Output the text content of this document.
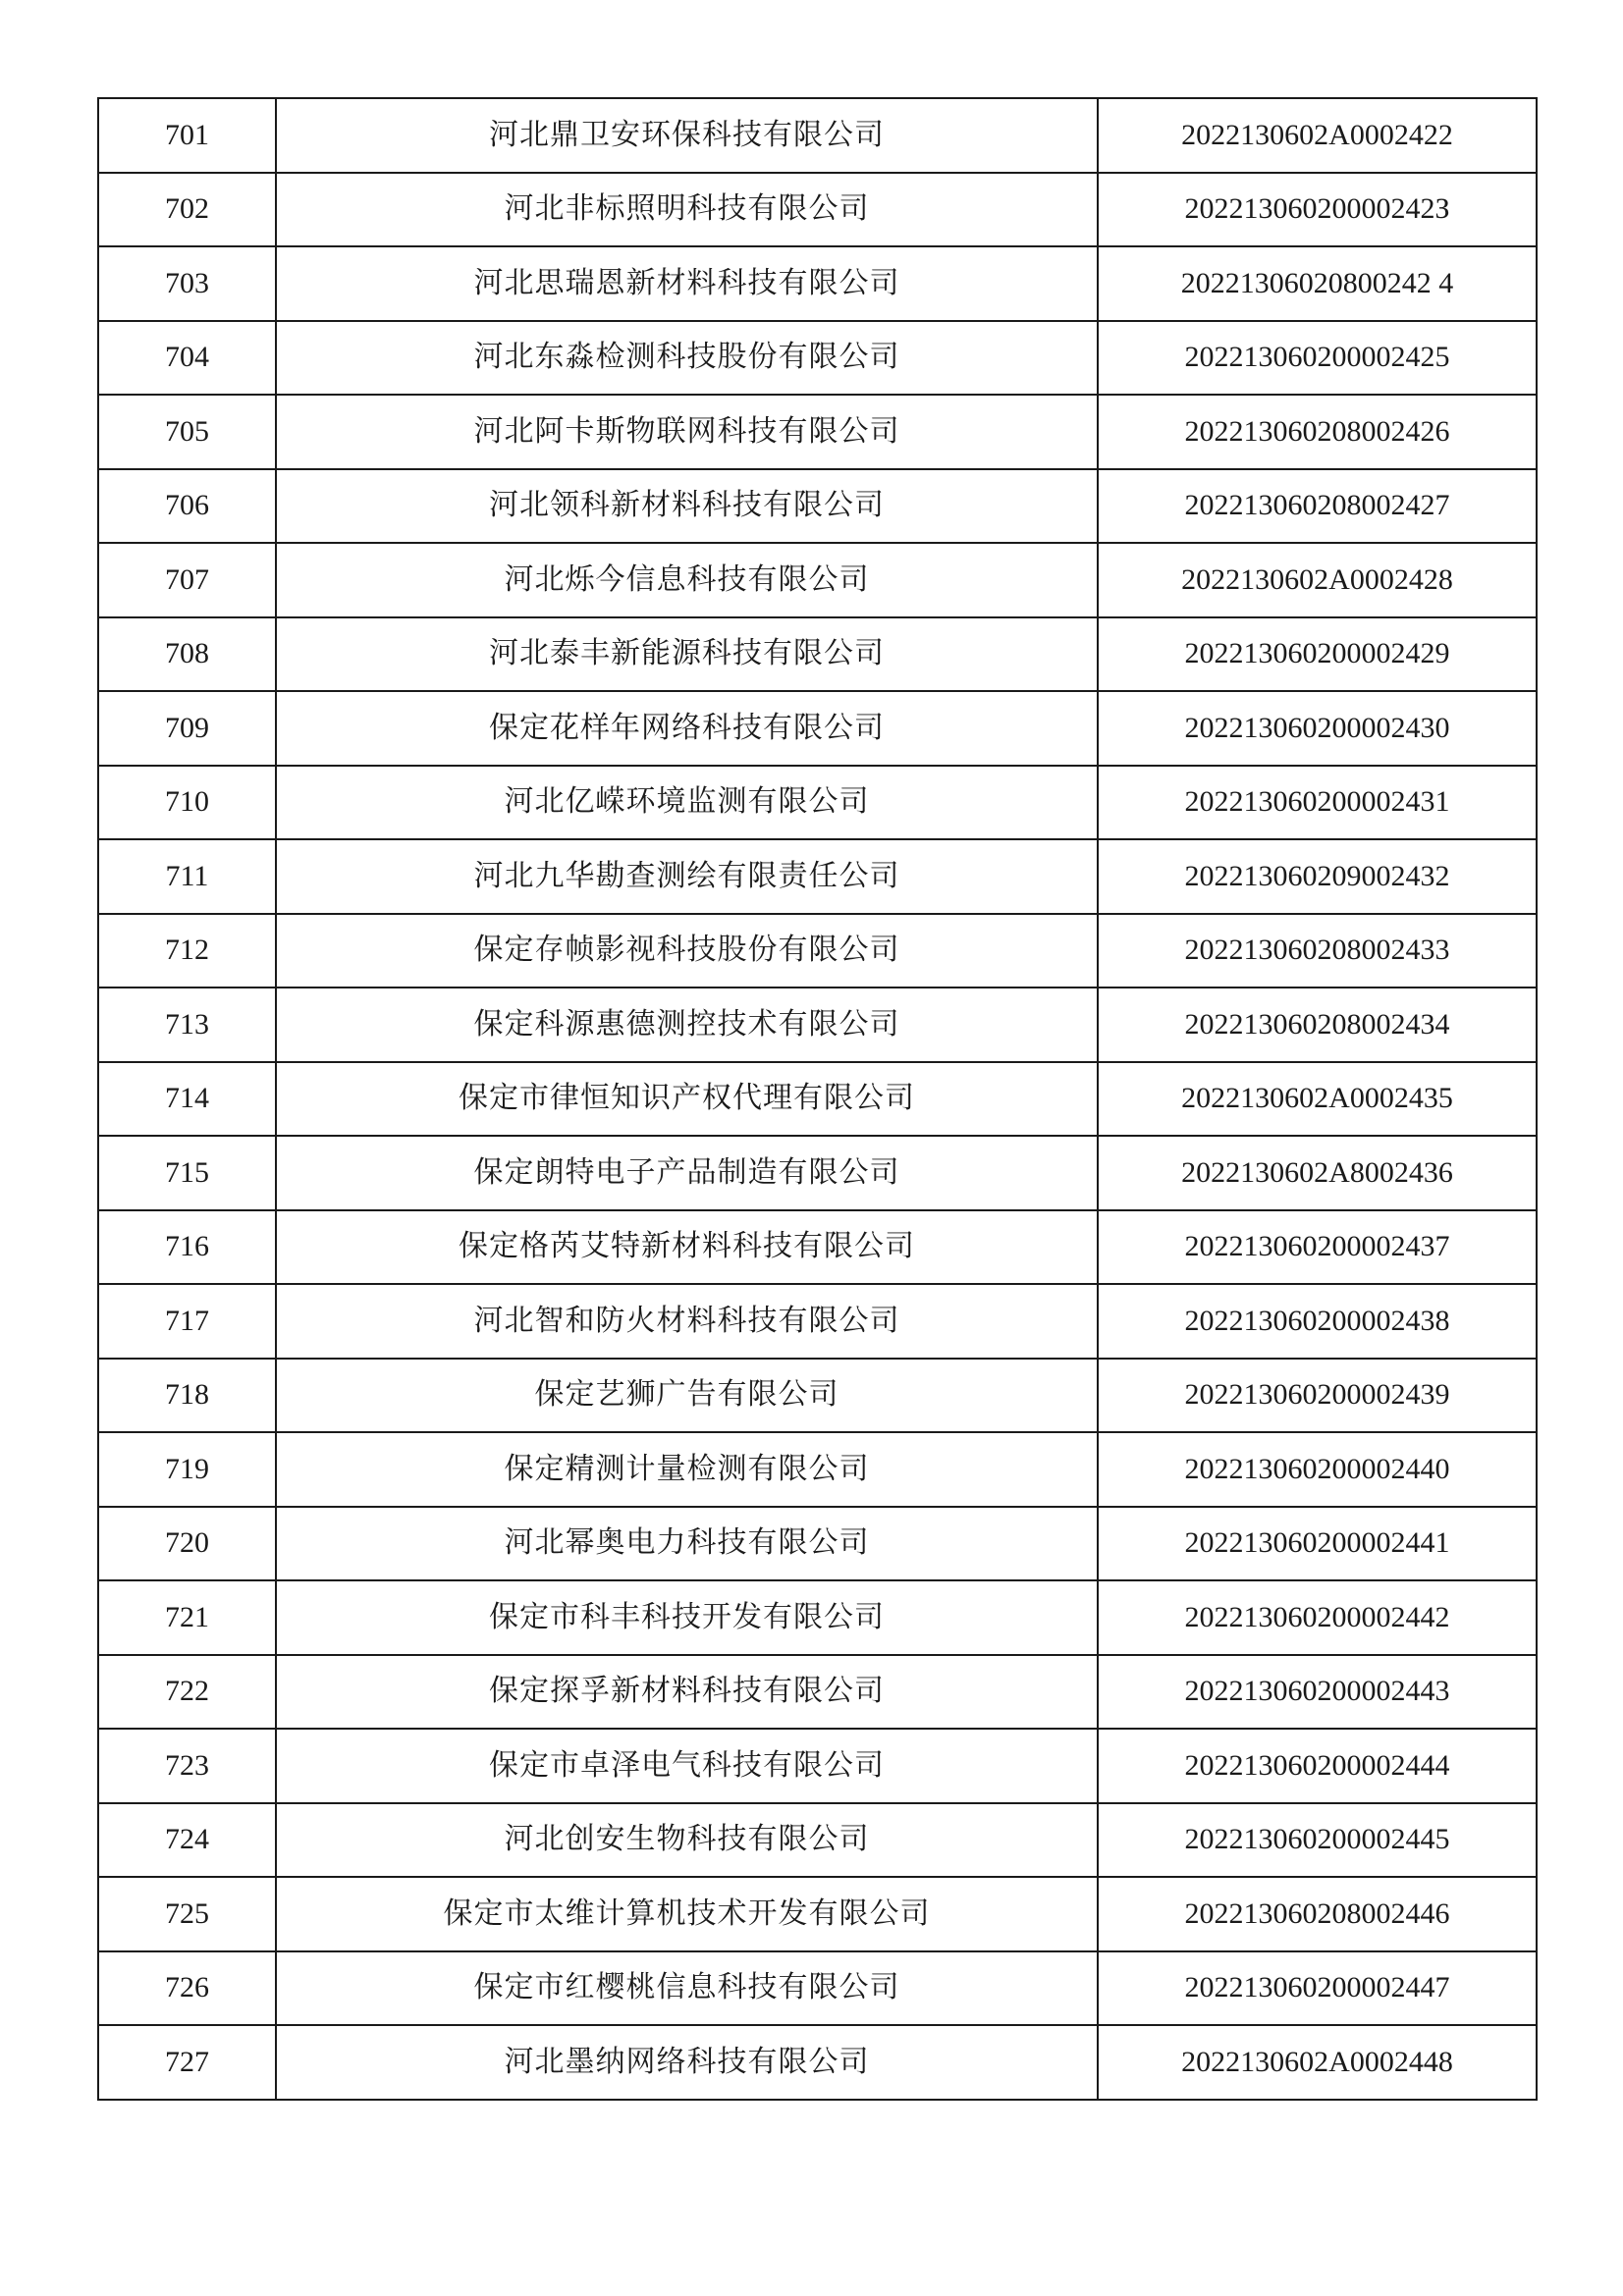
701	河北鼎卫安环保科技有限公司	2022130602A0002422
702	河北非标照明科技有限公司	20221306020000242З
703	河北思瑞恩新材料科技有限公司	20221306020800242 4
704	河北东淼检测科技股份有限公司	202213060200002425
705	河北阿卡斯物联网科技有限公司	202213060208002426
706	河北领科新材料科技有限公司	202213060208002427
707	河北烁今信息科技有限公司	2022130602A0002428
708	河北泰丰新能源科技有限公司	202213060200002429
709	保定花样年网络科技有限公司	202213060200002430
710	河北亿嵘环境监测有限公司	202213060200002431
711	河北九华勘查测绘有限责任公司	202213060209002432
712	保定存帧影视科技股份有限公司	202213060208002433
713	保定科源惠德测控技术有限公司	202213060208002434
714	保定市律恒知识产权代理有限公司	2022130602A0002435
715	保定朗特电子产品制造有限公司	2022130602A8002436
716	保定格芮艾特新材料科技有限公司	202213060200002437
717	河北智和防火材料科技有限公司	202213060200002438
718	保定艺狮广告有限公司	202213060200002439
719	保定精测计量检测有限公司	202213060200002440
720	河北幂奥电力科技有限公司	202213060200002441
721	保定市科丰科技开发有限公司	202213060200002442
722	保定探孚新材料科技有限公司	202213060200002443
723	保定市卓泽电气科技有限公司	202213060200002444
724	河北创安生物科技有限公司	202213060200002445
725	保定市太维计算机技术开发有限公司	202213060208002446
726	保定市红樱桃信息科技有限公司	202213060200002447
727	河北墨纳网络科技有限公司	2022130602A0002448
